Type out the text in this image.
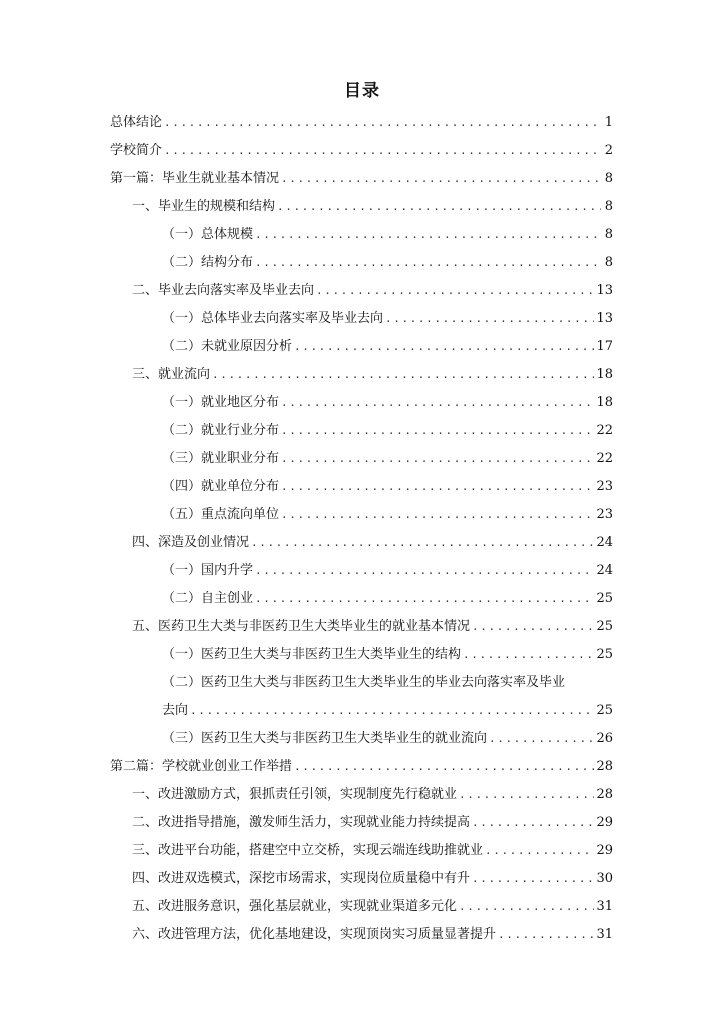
目录
总体结论 .....	1
学校简介 .....	2
第一篇：毕业生就业基本情况 .....	8
一、毕业生的规模和结构 .....	8
（一）总体规模 .....	8
（二）结构分布 .....	8
二、毕业去向落实率及毕业去向 .....	13
（一）总体毕业去向落实率及毕业去向 .....	13
（二）未就业原因分析 .....	17
三、就业流向 .....	18
（一）就业地区分布 .....	18
（二）就业行业分布 .....	22
（三）就业职业分布 .....	22
（四）就业单位分布 .....	23
（五）重点流向单位 .....	23
四、深造及创业情况 .....	24
（一）国内升学 .....	24
（二）自主创业 .....	25
五、医药卫生大类与非医药卫生大类毕业生的就业基本情况 .....	25
（一）医药卫生大类与非医药卫生大类毕业生的结构 .....	25
（二）医药卫生大类与非医药卫生大类毕业生的毕业去向落实率及毕业
去向 .....	25
（三）医药卫生大类与非医药卫生大类毕业生的就业流向 .....	26
第二篇：学校就业创业工作举措 .....	28
一、改进激励方式，狠抓责任引领，实现制度先行稳就业 .....	28
二、改进指导措施，激发师生活力，实现就业能力持续提高 .....	29
三、改进平台功能，搭建空中立交桥，实现云端连线助推就业 .....	29
四、改进双选模式，深挖市场需求，实现岗位质量稳中有升 .....	30
五、改进服务意识，强化基层就业，实现就业渠道多元化 .....	31
六、改进管理方法，优化基地建设，实现顶岗实习质量显著提升 .....	31
